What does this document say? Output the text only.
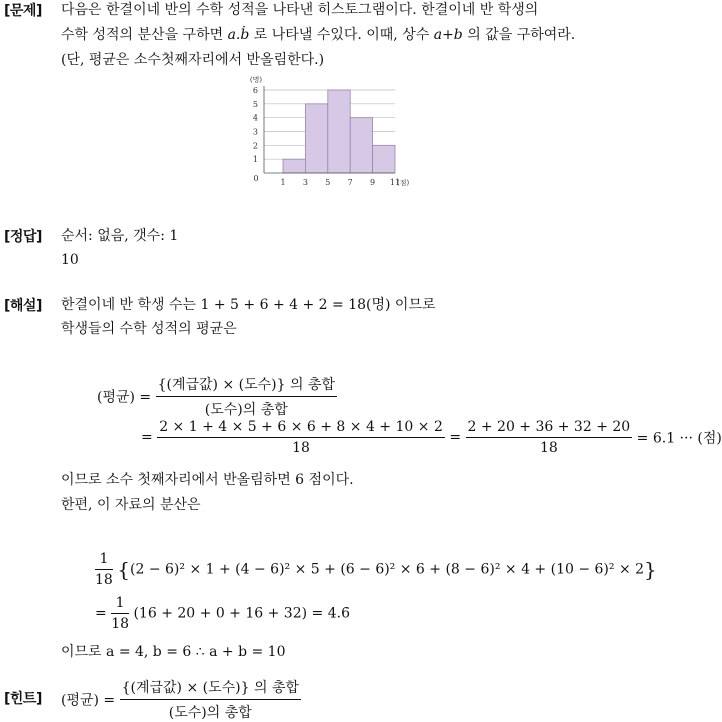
[문제] 다음은 한결이네 반의 수학 성적을 나타낸 히스토그램이다. 한결이네 반 학생의
수학 성적의 분산을 구하면 a.ḃ 로 나타낼 수있다. 이때, 상수 a+b 의 값을 구하여라.
(단, 평균은 소수첫째자리에서 반올림한다.)
1
2
3
4
5
6
1 3 5 7 9 11
0
(명)
(점)
[정답] 순서: 없음, 갯수: 1
10
[해설] 한결이네 반 학생 수는 1 + 5 + 6 + 4 + 2 = 18(명) 이므로
학생들의 수학 성적의 평균은
(평균) = $\frac{\text{\{(계급값) × (도수)\} 의 총합}}{\text{(도수)의 총합}}$
= $\frac{2 \times 1 + 4 \times 5 + 6 \times 6 + 8 \times 4 + 10 \times 2}{18} = \frac{2 + 20 + 36 + 32 + 20}{18} = 6.1$ ··· (점)
이므로 소수 첫째자리에서 반올림하면 6 점이다.
한편, 이 자료의 분산은
$\frac{1}{18} \{(2 - 6)^2 \times 1 + (4 - 6)^2 \times 5 + (6 - 6)^2 \times 6 + (8 - 6)^2 \times 4 + (10 - 6)^2 \times 2\}$
= $\frac{1}{18} (16 + 20 + 0 + 16 + 32)$ = 4.6̇
이므로 a = 4, b = 6 ∴ a + b = 10
[힌트] (평균) = $\frac{\text{\{(계급값) × (도수)\} 의 총합}}{\text{(도수)의 총합}}$
